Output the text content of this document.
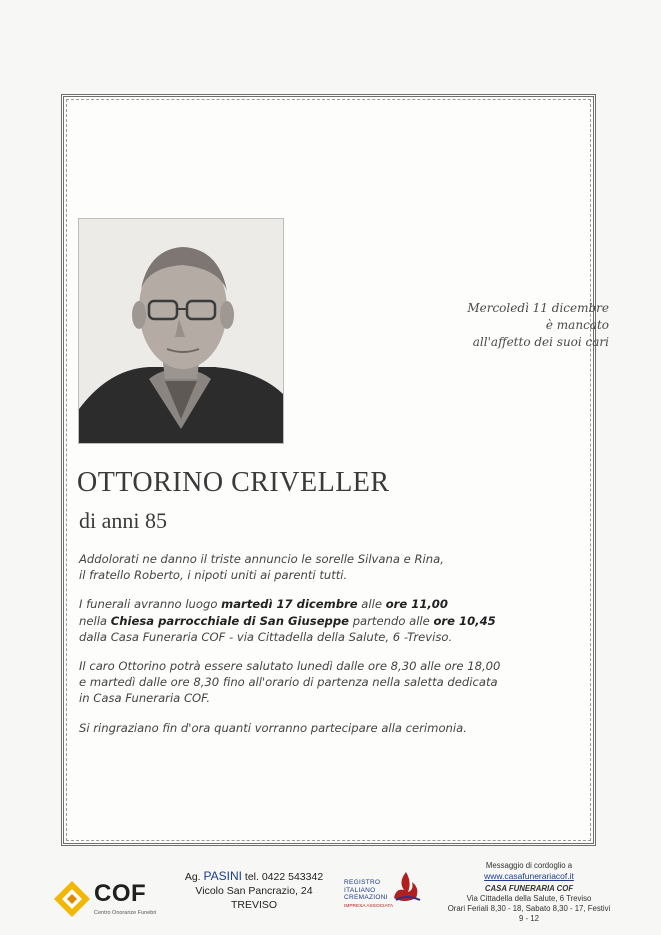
Mercoledì 11 dicembre
è mancato
all'affetto dei suoi cari
OTTORINO CRIVELLER
di anni 85
Addolorati ne danno il triste annuncio le sorelle Silvana e Rina,
il fratello Roberto, i nipoti uniti ai parenti tutti.
I funerali avranno luogo martedì 17 dicembre alle ore 11,00
nella Chiesa parrocchiale di San Giuseppe partendo alle ore 10,45
dalla Casa Funeraria COF - via Cittadella della Salute, 6 -Treviso.
Il caro Ottorino potrà essere salutato lunedì dalle ore 8,30 alle ore 18,00
e martedì dalle ore 8,30 fino all'orario di partenza nella saletta dedicata
in Casa Funeraria COF.
Si ringraziano fin d'ora quanti vorranno partecipare alla cerimonia.
COF
Centro Onoranze Funebri
Ag. PASINI tel. 0422 543342
Vicolo San Pancrazio, 24
TREVISO
REGISTRO
ITALIANO
CREMAZIONI
IMPRESA ASSOCIATA
Messaggio di cordoglio a
www.casafunerariacof.it
CASA FUNERARIA COF
Via Cittadella della Salute, 6 Treviso
Orari Feriali 8,30 - 18, Sabato 8,30 - 17, Festivi
9 - 12
